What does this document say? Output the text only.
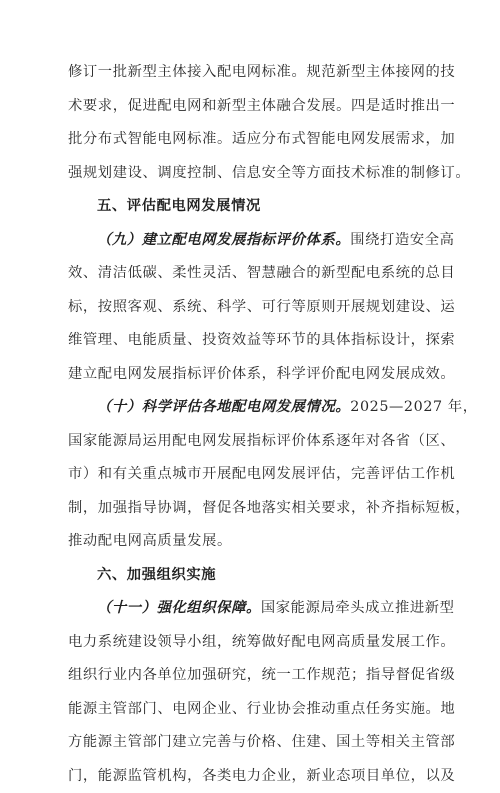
修订一批新型主体接入配电网标准。规范新型主体接网的技
术要求，促进配电网和新型主体融合发展。四是适时推出一
批分布式智能电网标准。适应分布式智能电网发展需求，加
强规划建设、调度控制、信息安全等方面技术标准的制修订。
五、评估配电网发展情况
（九）建立配电网发展指标评价体系。围绕打造安全高
效、清洁低碳、柔性灵活、智慧融合的新型配电系统的总目
标，按照客观、系统、科学、可行等原则开展规划建设、运
维管理、电能质量、投资效益等环节的具体指标设计，探索
建立配电网发展指标评价体系，科学评价配电网发展成效。
（十）科学评估各地配电网发展情况。2025—2027 年，
国家能源局运用配电网发展指标评价体系逐年对各省（区、
市）和有关重点城市开展配电网发展评估，完善评估工作机
制，加强指导协调，督促各地落实相关要求，补齐指标短板，
推动配电网高质量发展。
六、加强组织实施
（十一）强化组织保障。国家能源局牵头成立推进新型
电力系统建设领导小组，统筹做好配电网高质量发展工作。
组织行业内各单位加强研究，统一工作规范；指导督促省级
能源主管部门、电网企业、行业协会推动重点任务实施。地
方能源主管部门建立完善与价格、住建、国土等相关主管部
门，能源监管机构，各类电力企业，新业态项目单位，以及
